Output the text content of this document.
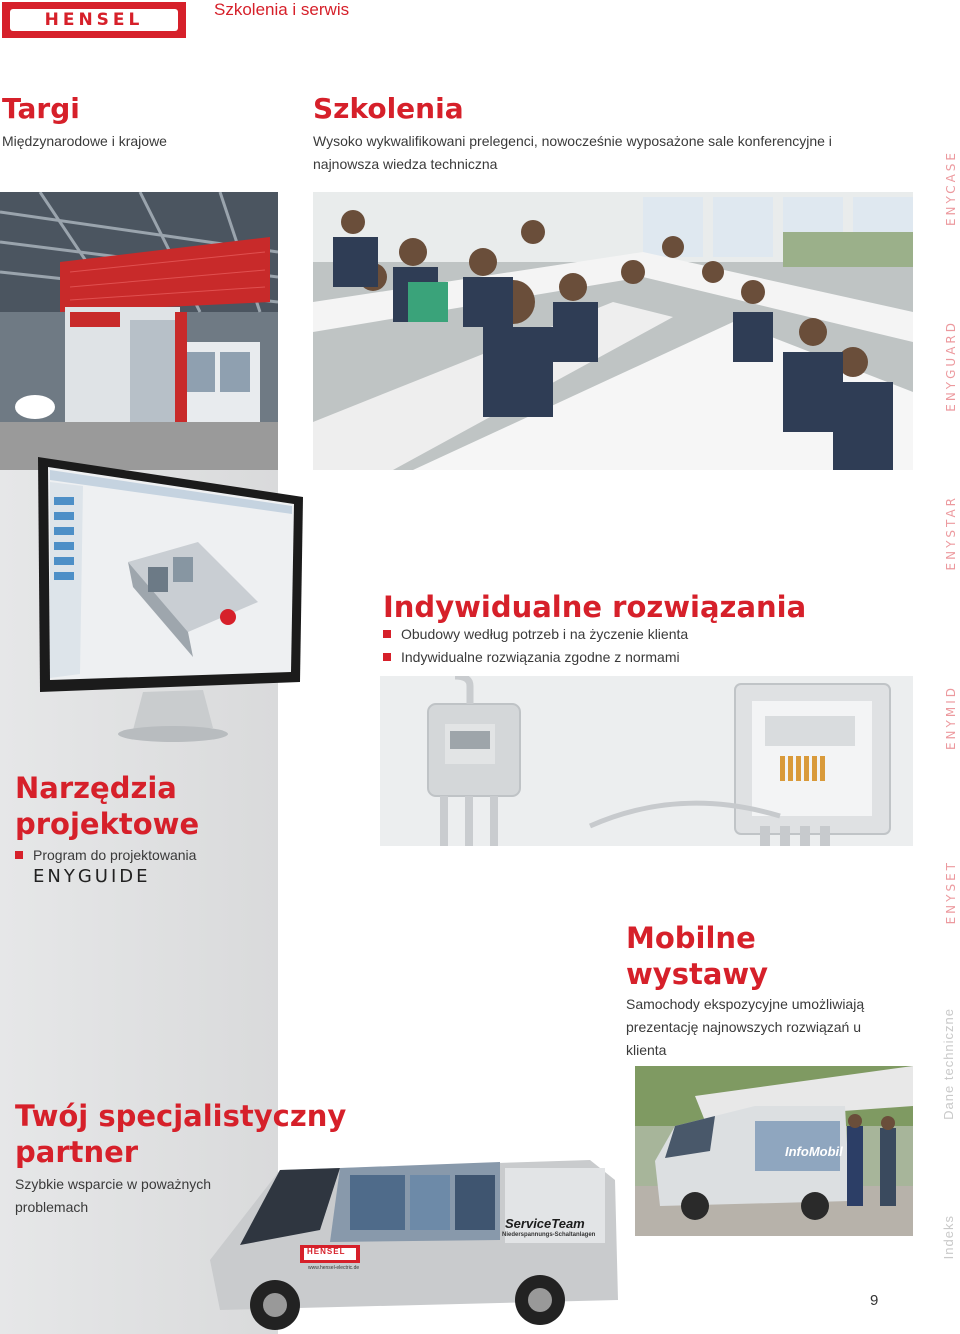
HENSEL
Szkolenia i serwis
Targi
Międzynarodowe i krajowe
Szkolenia
Wysoko wykwalifikowani prelegenci, nowocześnie wyposażone sale konferencyjne i
najnowsza wiedza techniczna
Indywidualne rozwiązania
Obudowy według potrzeb i na życzenie klienta
Indywidualne rozwiązania zgodne z normami
Narzędzia
projektowe
Program do projektowania
ENYGUIDE
Mobilne
wystawy
Samochody ekspozycyjne umożliwiają
prezentację najnowszych rozwiązań u
klienta
InfoMobil
Twój specjalistyczny
partner
Szybkie wsparcie w poważnych
problemach
ServiceTeam
Niederspannungs-Schaltanlagen
HENSEL
www.hensel-electric.de
ENYCASE
ENYGUARD
ENYSTAR
ENYMID
ENYSET
Dane techniczne
Indeks
9
